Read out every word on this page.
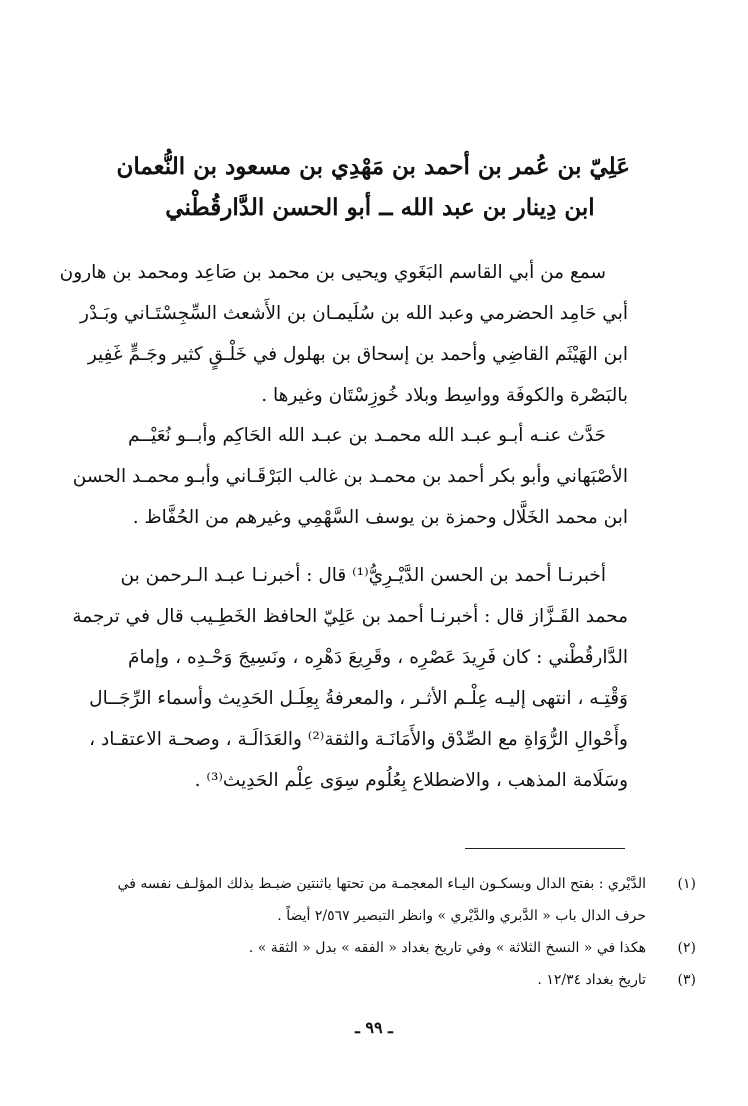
عَلِيّ بن عُمر بن أحمد بن مَهْدِي بن مسعود بن النُّعمان
ابن دِينار بن عبد الله ــ أبو الحسن الدَّارقُطْني
سمع من أبي القاسم البَغَوي ويحيى بن محمد بن صَاعِد ومحمد بن هارون
أبي حَامِد الحضرمي وعبد الله بن سُلَيمـان بن الأَشعث السِّجِسْتَـاني وبَـدْر
ابن الهَيْثَم القاضِي وأحمد بن إسحاق بن بهلول في خَلْـقٍ كثير وجَـمٍّ غَفِير
بالبَصْرة والكوفَة وواسِط وبلاد خُوزِسْتَان وغيرها .
حَدَّث عنـه أبـو عبـد الله محمـد بن عبـد الله الحَاكِم وأبــو نُعَيْــم
الأصْبَهاني وأبو بكر أحمد بن محمـد بن غالب البَرْقَـاني وأبـو محمـد الحسن
ابن محمد الخَلَّال وحمزة بن يوسف السَّهْمِي وغيرهم من الحُفَّاظ .
أخبرنـا أحمد بن الحسن الدَّيْـرِيُّ⁽¹⁾ قال : أخبرنـا عبـد الـرحمن بن
محمد القَـزَّاز قال : أخبرنـا أحمد بن عَلِيّ الحافظ الخَطِـيب قال في ترجمة
الدَّارقُطْني : كان فَرِيدَ عَصْرِه ، وقَرِيعَ دَهْرِه ، ونَسِيجَ وَحْـدِه ، وإمامَ
وَقْتِـه ، انتهى إليـه عِلْـم الأثـر ، والمعرفةُ بِعِلَـل الحَدِيث وأسماء الرِّجَــال
وأَحْوالِ الرُّوَاةِ مع الصِّدْق والأَمَانَـة والثقة⁽²⁾ والعَدَالَـة ، وصحـة الاعتقـاد ،
وسَلَامة المذهب ، والاضطلاع بِعُلُوم سِوَى عِلْم الحَدِيث⁽³⁾ .
(١)
الدَّيْري : بفتح الدال وبسكـون اليـاء المعجمـة من تحتها باثنتين ضبـط بذلك المؤلـف نفسه في
حرف الدال باب « الدَّبري والدَّيْري » وانظر التبصير ٢/٥٦٧ أيضاً .
(٢)
هكذا في « النسخ الثلاثة » وفي تاريخ بغداد « الفقه » بدل « الثقة » .
(٣)
تاريخ بغداد ١٢/٣٤ .
ـ ٩٩ ـ
